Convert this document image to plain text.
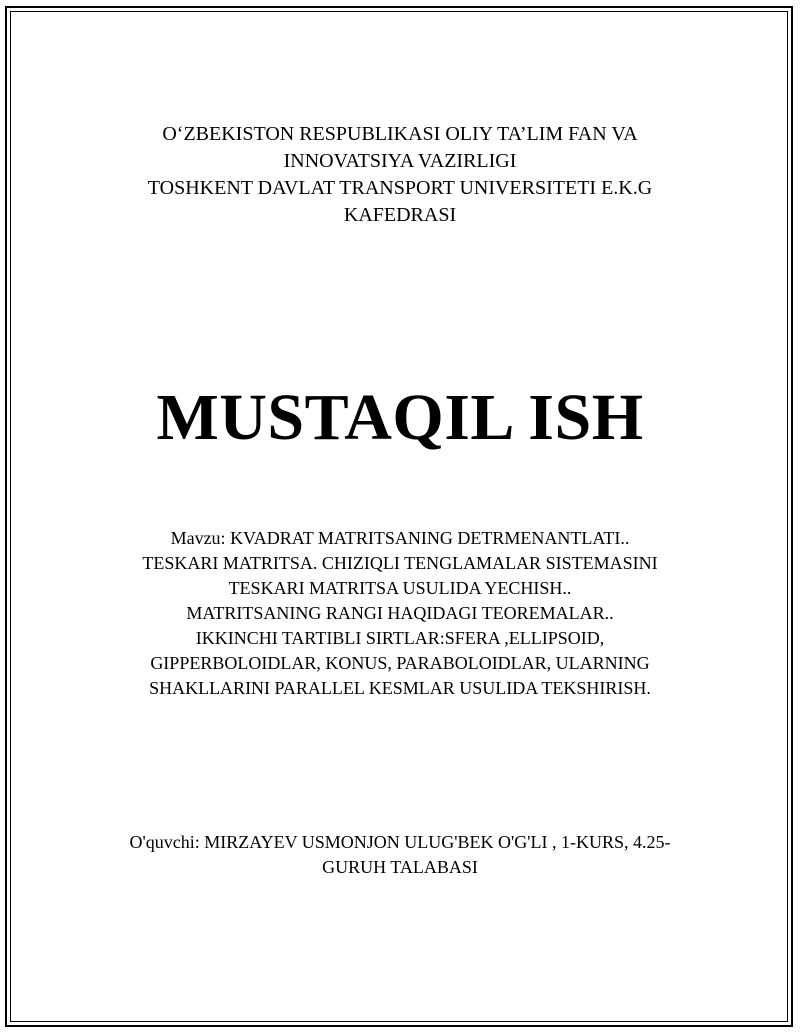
O‘ZBEKISTON RESPUBLIKASI OLIY TA’LIM FAN VA
INNOVATSIYA VAZIRLIGI
TOSHKENT DAVLAT TRANSPORT UNIVERSITETI E.K.G
KAFEDRASI
MUSTAQIL ISH
Mavzu: KVADRAT MATRITSANING DETRMENANTLATI..
TESKARI MATRITSA. CHIZIQLI TENGLAMALAR SISTEMASINI
TESKARI MATRITSA USULIDA YECHISH..
MATRITSANING RANGI HAQIDAGI TEOREMALAR..
IKKINCHI TARTIBLI SIRTLAR:SFERA ,ELLIPSOID,
GIPPERBOLOIDLAR, KONUS, PARABOLOIDLAR, ULARNING
SHAKLLARINI PARALLEL KESMLAR USULIDA TEKSHIRISH.
O'quvchi: MIRZAYEV USMONJON ULUG'BEK O'G'LI , 1-KURS, 4.25-
GURUH TALABASI
